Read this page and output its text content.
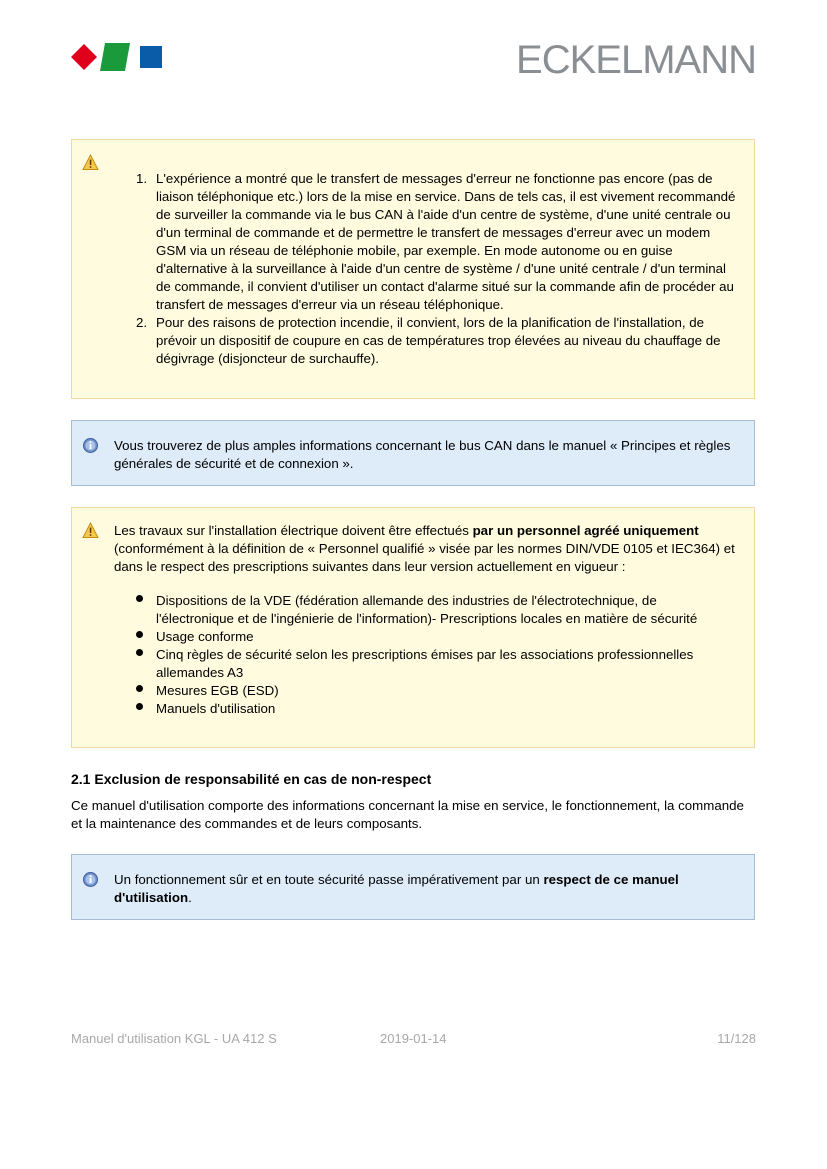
ECKELMANN
1. L'expérience a montré que le transfert de messages d'erreur ne fonctionne pas encore (pas de liaison téléphonique etc.) lors de la mise en service. Dans de tels cas, il est vivement recommandé de surveiller la commande via le bus CAN à l'aide d'un centre de système, d'une unité centrale ou d'un terminal de commande et de permettre le transfert de messages d'erreur avec un modem GSM via un réseau de téléphonie mobile, par exemple. En mode autonome ou en guise d'alternative à la surveillance à l'aide d'un centre de système / d'une unité centrale / d'un terminal de commande, il convient d'utiliser un contact d'alarme situé sur la commande afin de procéder au transfert de messages d'erreur via un réseau téléphonique.
2. Pour des raisons de protection incendie, il convient, lors de la planification de l'installation, de prévoir un dispositif de coupure en cas de températures trop élevées au niveau du chauffage de dégivrage (disjoncteur de surchauffe).

Vous trouverez de plus amples informations concernant le bus CAN dans le manuel « Principes et règles générales de sécurité et de connexion ».

Les travaux sur l'installation électrique doivent être effectués par un personnel agréé uniquement (conformément à la définition de « Personnel qualifié » visée par les normes DIN/VDE 0105 et IEC364) et dans le respect des prescriptions suivantes dans leur version actuellement en vigueur :

Dispositions de la VDE (fédération allemande des industries de l'électrotechnique, de l'électronique et de l'ingénierie de l'information)- Prescriptions locales en matière de sécurité
Usage conforme
Cinq règles de sécurité selon les prescriptions émises par les associations professionnelles allemandes A3
Mesures EGB (ESD)
Manuels d'utilisation
2.1 Exclusion de responsabilité en cas de non-respect

Ce manuel d'utilisation comporte des informations concernant la mise en service, le fonctionnement, la commande et la maintenance des commandes et de leurs composants.

Un fonctionnement sûr et en toute sécurité passe impérativement par un respect de ce manuel d'utilisation.

Manuel d'utilisation KGL - UA 412 S	2019-01-14	11/128
